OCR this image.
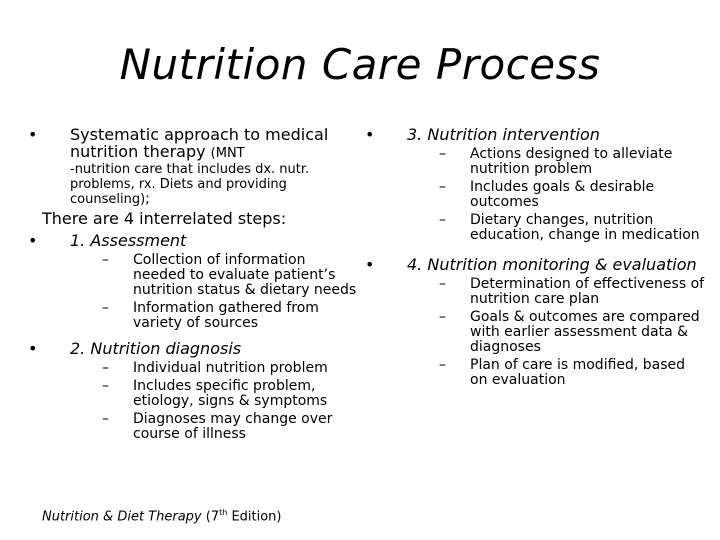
Nutrition Care Process
• Systematic approach to medical nutrition therapy (MNT
-nutrition care that includes dx. nutr. problems, rx. Diets and providing counseling);
There are 4 interrelated steps:
• 1. Assessment
– Collection of information needed to evaluate patient’s nutrition status & dietary needs
– Information gathered from variety of sources
• 2. Nutrition diagnosis
– Individual nutrition problem
– Includes specific problem, etiology, signs & symptoms
– Diagnoses may change over course of illness
• 3. Nutrition intervention
– Actions designed to alleviate nutrition problem
– Includes goals & desirable outcomes
– Dietary changes, nutrition education, change in medication
• 4. Nutrition monitoring & evaluation
– Determination of effectiveness of nutrition care plan
– Goals & outcomes are compared with earlier assessment data & diagnoses
– Plan of care is modified, based on evaluation
Nutrition & Diet Therapy (7th Edition)
